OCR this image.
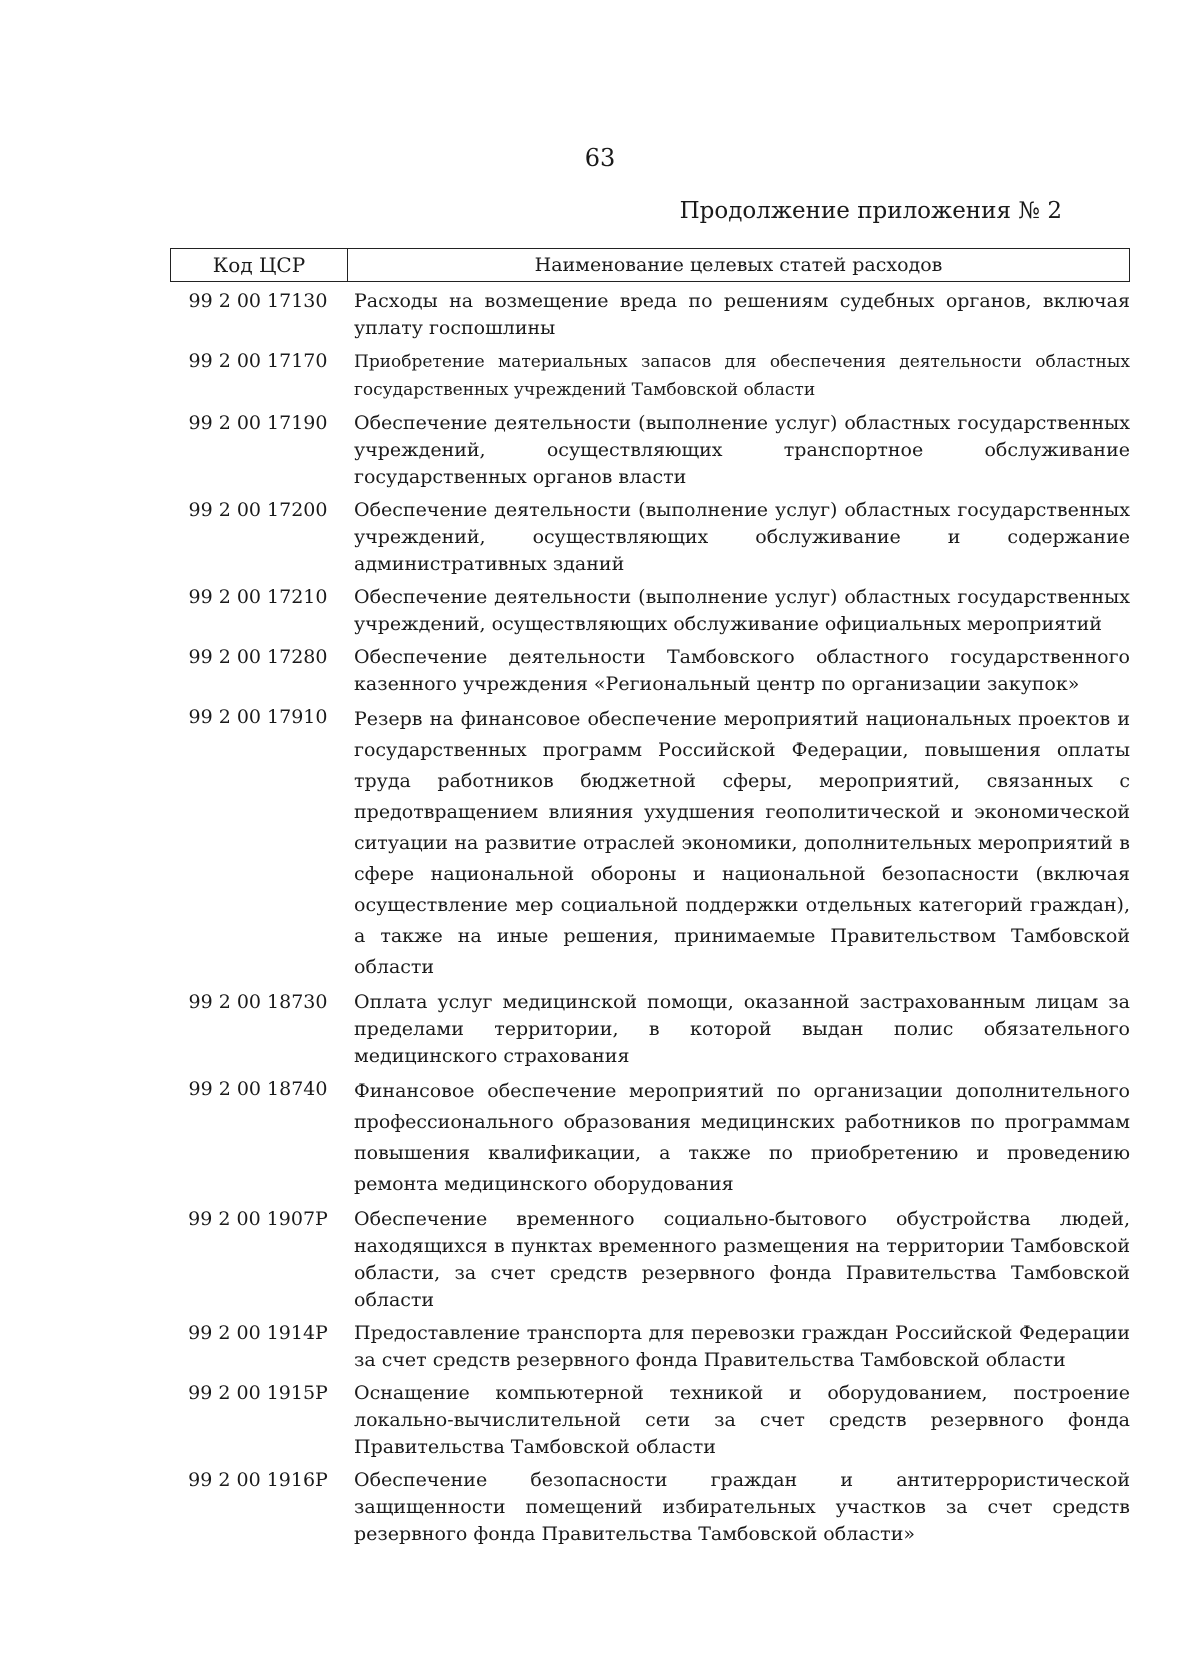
63
Продолжение приложения № 2
Код ЦСР	Наименование целевых статей расходов
99 2 00 17130	Расходы на возмещение вреда по решениям судебных органов, включая уплату госпошлины
99 2 00 17170	Приобретение материальных запасов для обеспечения деятельности областных государственных учреждений Тамбовской области
99 2 00 17190	Обеспечение деятельности (выполнение услуг) областных государственных учреждений, осуществляющих транспортное обслуживание государственных органов власти
99 2 00 17200	Обеспечение деятельности (выполнение услуг) областных государственных учреждений, осуществляющих обслуживание и содержание административных зданий
99 2 00 17210	Обеспечение деятельности (выполнение услуг) областных государственных учреждений, осуществляющих обслуживание официальных мероприятий
99 2 00 17280	Обеспечение деятельности Тамбовского областного государственного казенного учреждения «Региональный центр по организации закупок»
99 2 00 17910	Резерв на финансовое обеспечение мероприятий национальных проектов и государственных программ Российской Федерации, повышения оплаты труда работников бюджетной сферы, мероприятий, связанных с предотвращением влияния ухудшения геополитической и экономической ситуации на развитие отраслей экономики, дополнительных мероприятий в сфере национальной обороны и национальной безопасности (включая осуществление мер социальной поддержки отдельных категорий граждан), а также на иные решения, принимаемые Правительством Тамбовской области
99 2 00 18730	Оплата услуг медицинской помощи, оказанной застрахованным лицам за пределами территории, в которой выдан полис обязательного медицинского страхования
99 2 00 18740	Финансовое обеспечение мероприятий по организации дополнительного профессионального образования медицинских работников по программам повышения квалификации, а также по приобретению и проведению ремонта медицинского оборудования
99 2 00 1907Р	Обеспечение временного социально-бытового обустройства людей, находящихся в пунктах временного размещения на территории Тамбовской области, за счет средств резервного фонда Правительства Тамбовской области
99 2 00 1914Р	Предоставление транспорта для перевозки граждан Российской Федерации за счет средств резервного фонда Правительства Тамбовской области
99 2 00 1915Р	Оснащение компьютерной техникой и оборудованием, построение локально-вычислительной сети за счет средств резервного фонда Правительства Тамбовской области
99 2 00 1916Р	Обеспечение безопасности граждан и антитеррористической защищенности помещений избирательных участков за счет средств резервного фонда Правительства Тамбовской области»
